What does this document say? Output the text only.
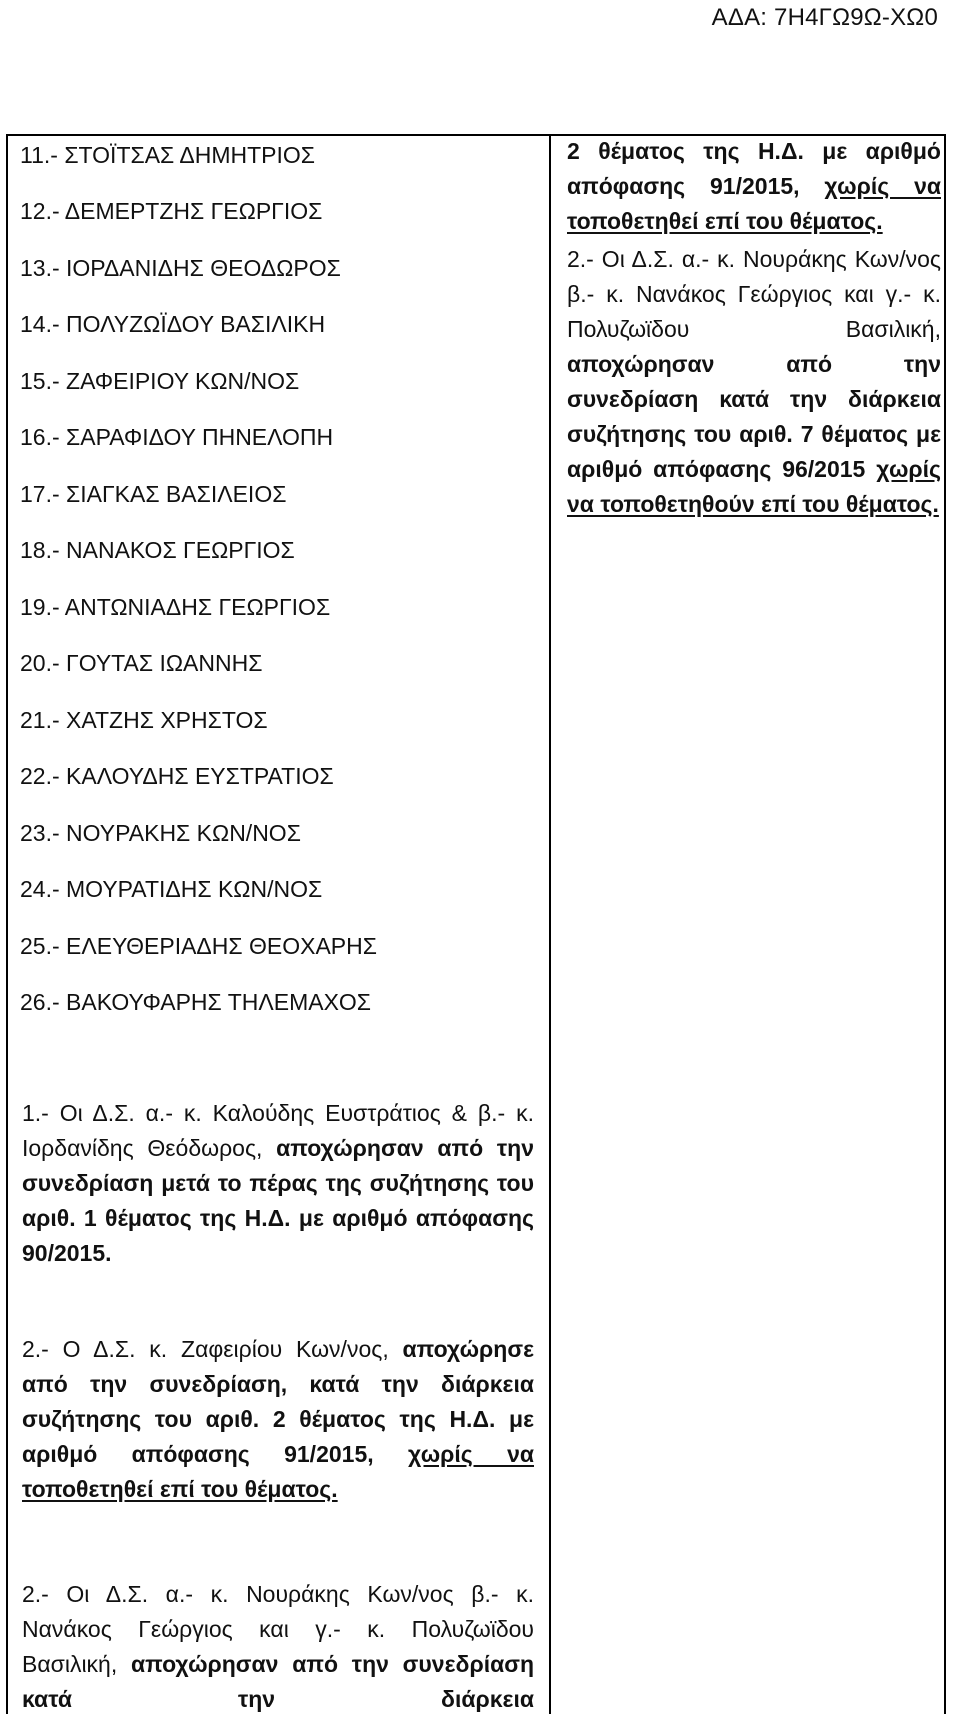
ΑΔΑ: 7Η4ΓΩ9Ω-ΧΩ0
11.- ΣΤΟΪΤΣΑΣ ΔΗΜΗΤΡΙΟΣ
12.- ΔΕΜΕΡΤΖΗΣ ΓΕΩΡΓΙΟΣ
13.- ΙΟΡΔΑΝΙΔΗΣ ΘΕΟΔΩΡΟΣ
14.- ΠΟΛΥΖΩΪΔΟΥ ΒΑΣΙΛΙΚΗ
15.- ΖΑΦΕΙΡΙΟΥ ΚΩΝ/ΝΟΣ
16.- ΣΑΡΑΦΙΔΟΥ ΠΗΝΕΛΟΠΗ
17.- ΣΙΑΓΚΑΣ ΒΑΣΙΛΕΙΟΣ
18.- ΝΑΝΑΚΟΣ ΓΕΩΡΓΙΟΣ
19.- ΑΝΤΩΝΙΑΔΗΣ ΓΕΩΡΓΙΟΣ
20.- ΓΟΥΤΑΣ ΙΩΑΝΝΗΣ
21.- ΧΑΤΖΗΣ ΧΡΗΣΤΟΣ
22.- ΚΑΛΟΥΔΗΣ ΕΥΣΤΡΑΤΙΟΣ
23.- ΝΟΥΡΑΚΗΣ ΚΩΝ/ΝΟΣ
24.- ΜΟΥΡΑΤΙΔΗΣ ΚΩΝ/ΝΟΣ
25.- ΕΛΕΥΘΕΡΙΑΔΗΣ ΘΕΟΧΑΡΗΣ
26.- ΒΑΚΟΥΦΑΡΗΣ ΤΗΛΕΜΑΧΟΣ
1.- Οι Δ.Σ. α.- κ. Καλούδης Ευστράτιος & β.- κ. Ιορδανίδης Θεόδωρος, αποχώρησαν από την συνεδρίαση μετά το πέρας της συζήτησης του αριθ. 1 θέματος της Η.Δ. με αριθμό απόφασης 90/2015.
2.- Ο Δ.Σ. κ. Ζαφειρίου Κων/νος, αποχώρησε από την συνεδρίαση, κατά την διάρκεια συζήτησης του αριθ. 2 θέματος της Η.Δ. με αριθμό απόφασης 91/2015, χωρίς να τοποθετηθεί επί του θέματος.
2.- Οι Δ.Σ. α.- κ. Νουράκης Κων/νος β.- κ. Νανάκος Γεώργιος και γ.- κ. Πολυζωϊδου Βασιλική, αποχώρησαν από την συνεδρίαση κατά την διάρκεια
2 θέματος της Η.Δ. με αριθμό απόφασης 91/2015, χωρίς να τοποθετηθεί επί του θέματος.
2.- Οι Δ.Σ. α.- κ. Νουράκης Κων/νος β.- κ. Νανάκος Γεώργιος και γ.- κ. Πολυζωϊδου Βασιλική, αποχώρησαν από την συνεδρίαση κατά την διάρκεια συζήτησης του αριθ. 7 θέματος με αριθμό απόφασης 96/2015 χωρίς να τοποθετηθούν επί του θέματος.
